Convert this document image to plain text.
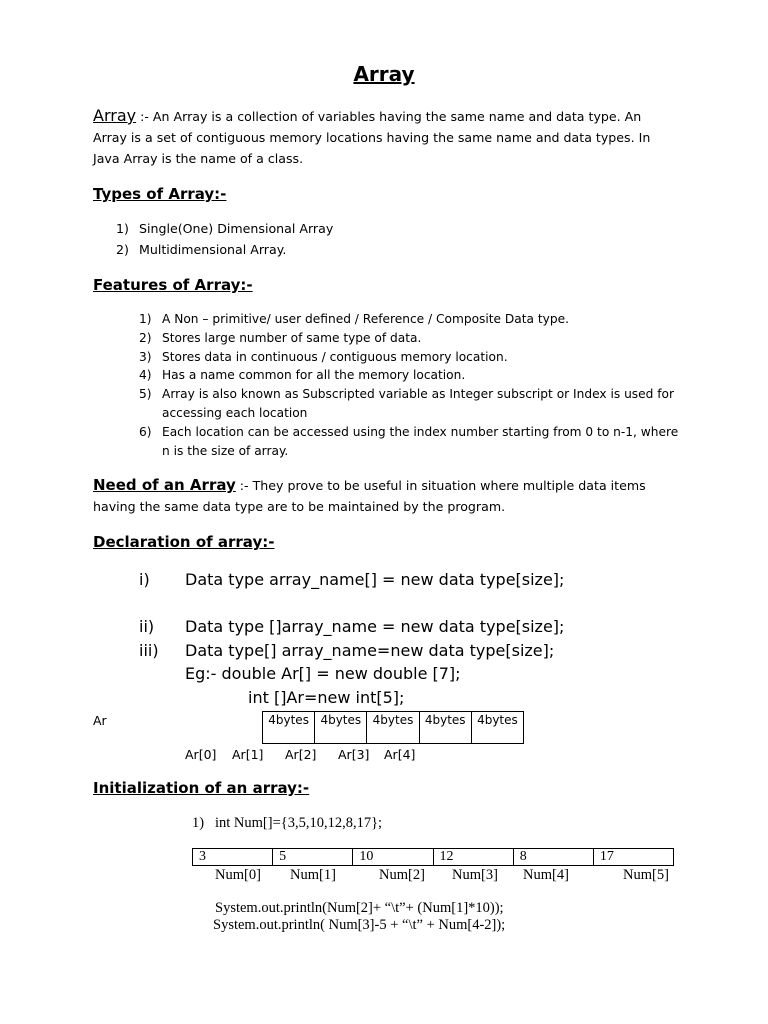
Array
Array :- An Array is a collection of variables having the same name and data type. An Array is a set of contiguous memory locations having the same name and data types. In Java Array is the name of a class.
Types of Array:-
1) Single(One) Dimensional Array
2) Multidimensional Array.
Features of Array:-
1) A Non – primitive/ user defined / Reference / Composite Data type.
2) Stores large number of same type of data.
3) Stores data in continuous / contiguous memory location.
4) Has a name common for all the memory location.
5) Array is also known as Subscripted variable as Integer subscript or Index is used for accessing each location
6) Each location can be accessed using the index number starting from 0 to n-1, where n is the size of array.
Need of an Array :- They prove to be useful in situation where multiple data items having the same data type are to be maintained by the program.
Declaration of array:-
i) Data type array_name[] = new data type[size];
ii) Data type []array_name = new data type[size];
iii) Data type[] array_name=new data type[size];
Eg:- double Ar[] = new double [7];
int []Ar=new int[5];
Ar	4bytes 4bytes 4bytes 4bytes 4bytes
Ar[0] Ar[1] Ar[2] Ar[3] Ar[4]
Initialization of an array:-
1) int Num[]={3,5,10,12,8,17};
3	5	10	12	8	17
Num[0] Num[1]	Num[2] Num[3] Num[4]	Num[5]
System.out.println(Num[2]+ “\t”+ (Num[1]*10));
System.out.println( Num[3]-5 + “\t” + Num[4-2]);
